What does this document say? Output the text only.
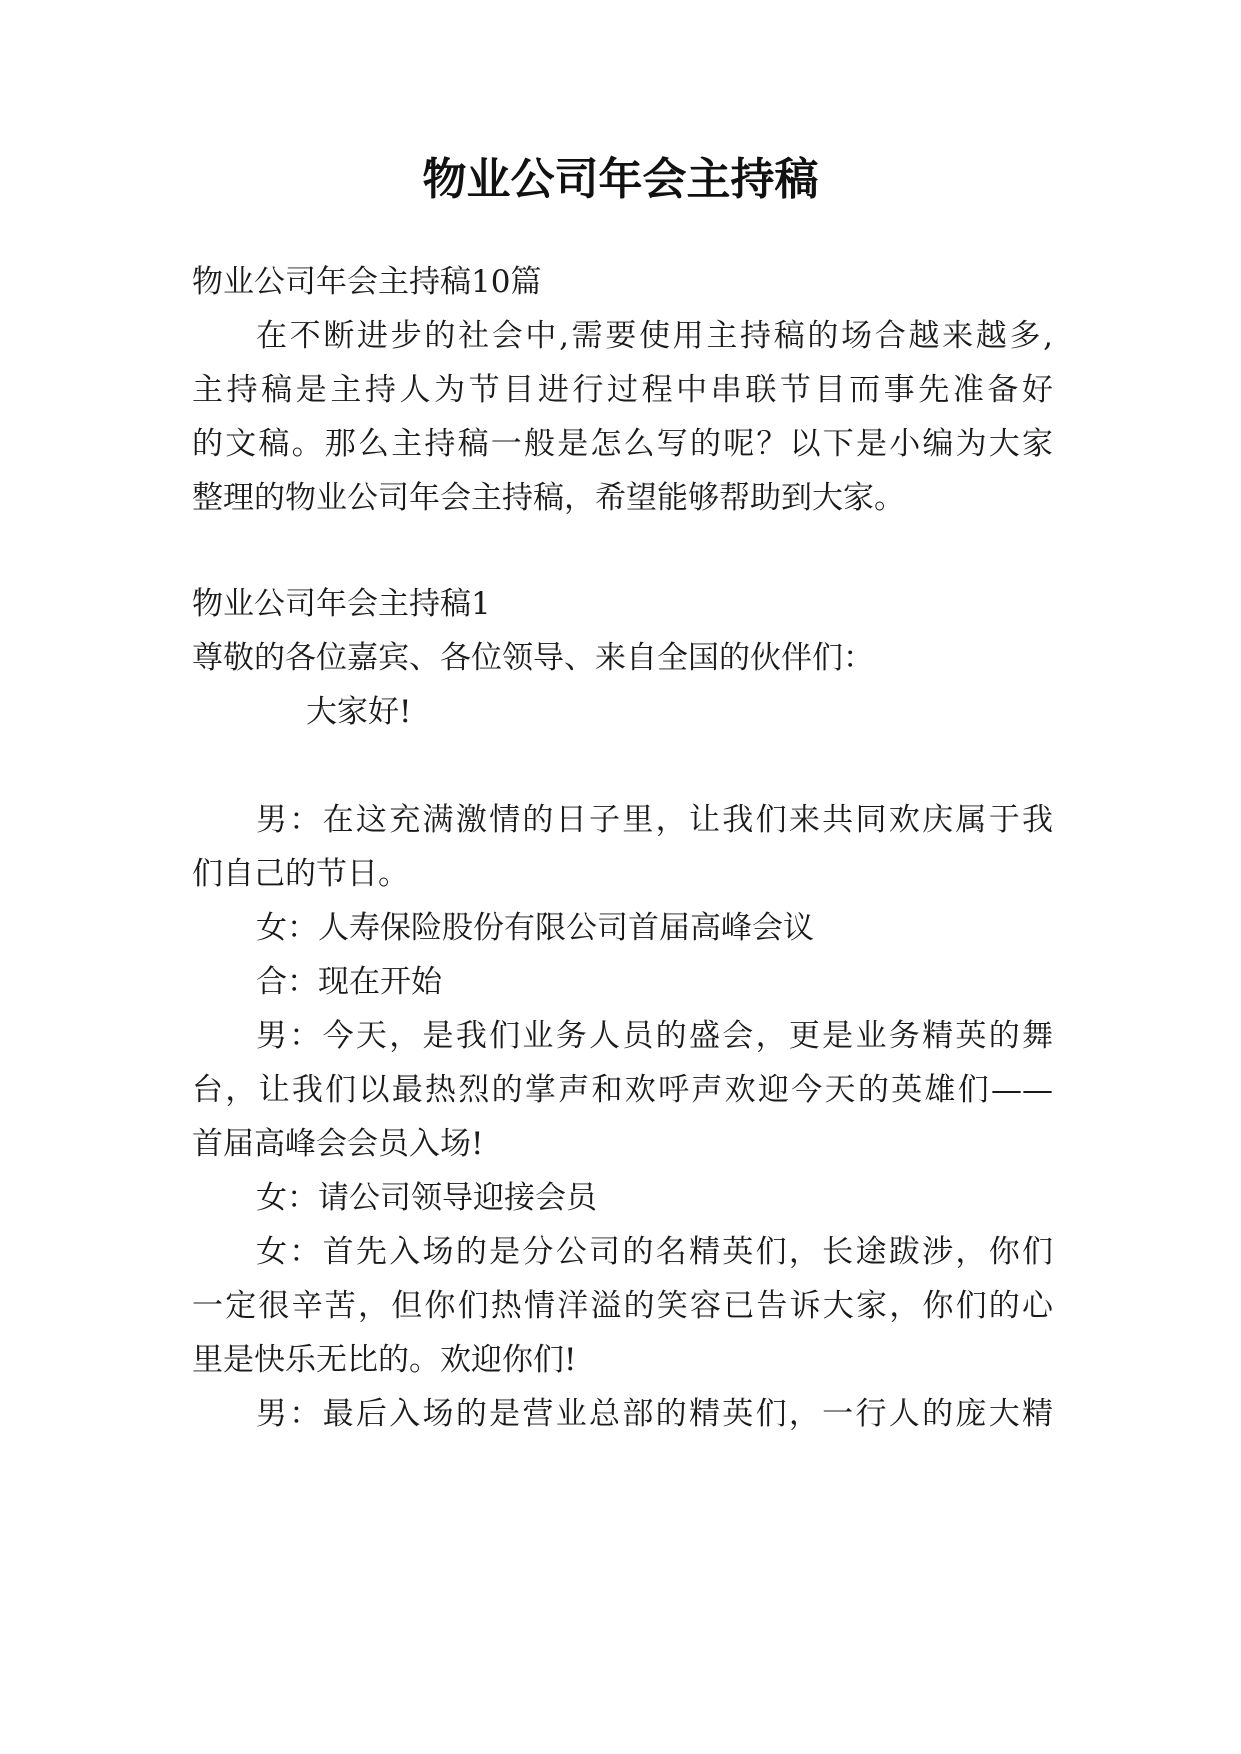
物业公司年会主持稿
物业公司年会主持稿10篇
在不断进步的社会中,需要使用主持稿的场合越来越多,
主持稿是主持人为节目进行过程中串联节目而事先准备好
的文稿。那么主持稿一般是怎么写的呢？以下是小编为大家
整理的物业公司年会主持稿，希望能够帮助到大家。
物业公司年会主持稿1
尊敬的各位嘉宾、各位领导、来自全国的伙伴们：
大家好!
男：在这充满激情的日子里，让我们来共同欢庆属于我
们自己的节日。
女：人寿保险股份有限公司首届高峰会议
合：现在开始
男：今天，是我们业务人员的盛会，更是业务精英的舞
台，让我们以最热烈的掌声和欢呼声欢迎今天的英雄们——
首届高峰会会员入场!
女：请公司领导迎接会员
女：首先入场的是分公司的名精英们，长途跋涉，你们
一定很辛苦，但你们热情洋溢的笑容已告诉大家，你们的心
里是快乐无比的。欢迎你们!
男：最后入场的是营业总部的精英们，一行人的庞大精
